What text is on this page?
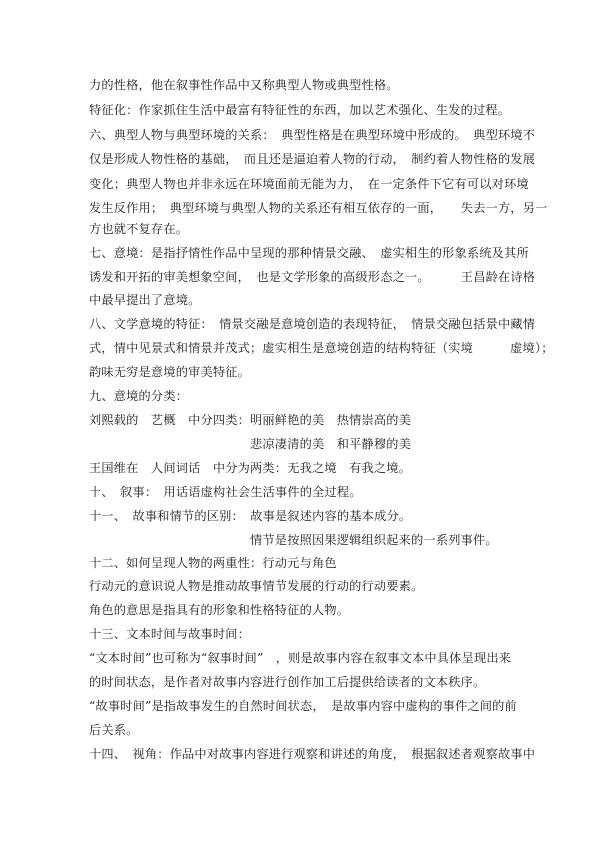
力的性格，他在叙事性作品中又称典型人物或典型性格。
特征化：作家抓住生活中最富有特征性的东西，加以艺术强化、生发的过程。
六、典型人物与典型环境的关系：　典型性格是在典型环境中形成的。　典型环境不
仅是形成人物性格的基础，　而且还是逼迫着人物的行动，　制约着人物性格的发展
变化；典型人物也并非永远在环境面前无能为力，　在一定条件下它有可以对环境
发生反作用；　典型环境与典型人物的关系还有相互依存的一面，　　失去一方，另一
方也就不复存在。
七、意境：是指抒情性作品中呈现的那种情景交融、　虚实相生的形象系统及其所
诱发和开拓的审美想象空间，　也是文学形象的高级形态之一。　　　王昌龄在诗格
中最早提出了意境。
八、文学意境的特征：　情景交融是意境创造的表现特征，　情景交融包括景中藏情
式，情中见景式和情景并茂式；虚实相生是意境创造的结构特征（实境　　　虚境）；
韵味无穷是意境的审美特征。
九、意境的分类：
刘熙载的　艺概　中分四类：明丽鲜艳的美　热情崇高的美
　　　　　　　　　　　　　悲凉凄清的美　和平静穆的美
王国维在　人间词话　中分为两类：无我之境　有我之境。
十、　叙事：　用话语虚构社会生活事件的全过程。
十一、　故事和情节的区别：　故事是叙述内容的基本成分。
　　　　　　　　　　　　　情节是按照因果逻辑组织起来的一系列事件。
十二、如何呈现人物的两重性：行动元与角色
行动元的意识说人物是推动故事情节发展的行动的行动要素。
角色的意思是指具有的形象和性格特征的人物。
十三、文本时间与故事时间：
“文本时间”也可称为“叙事时间”　，则是故事内容在叙事文本中具体呈现出来
的时间状态，是作者对故事内容进行创作加工后提供给读者的文本秩序。
“故事时间”是指故事发生的自然时间状态，　是故事内容中虚构的事件之间的前
后关系。
十四、　视角：作品中对故事内容进行观察和讲述的角度，　根据叙述者观察故事中
